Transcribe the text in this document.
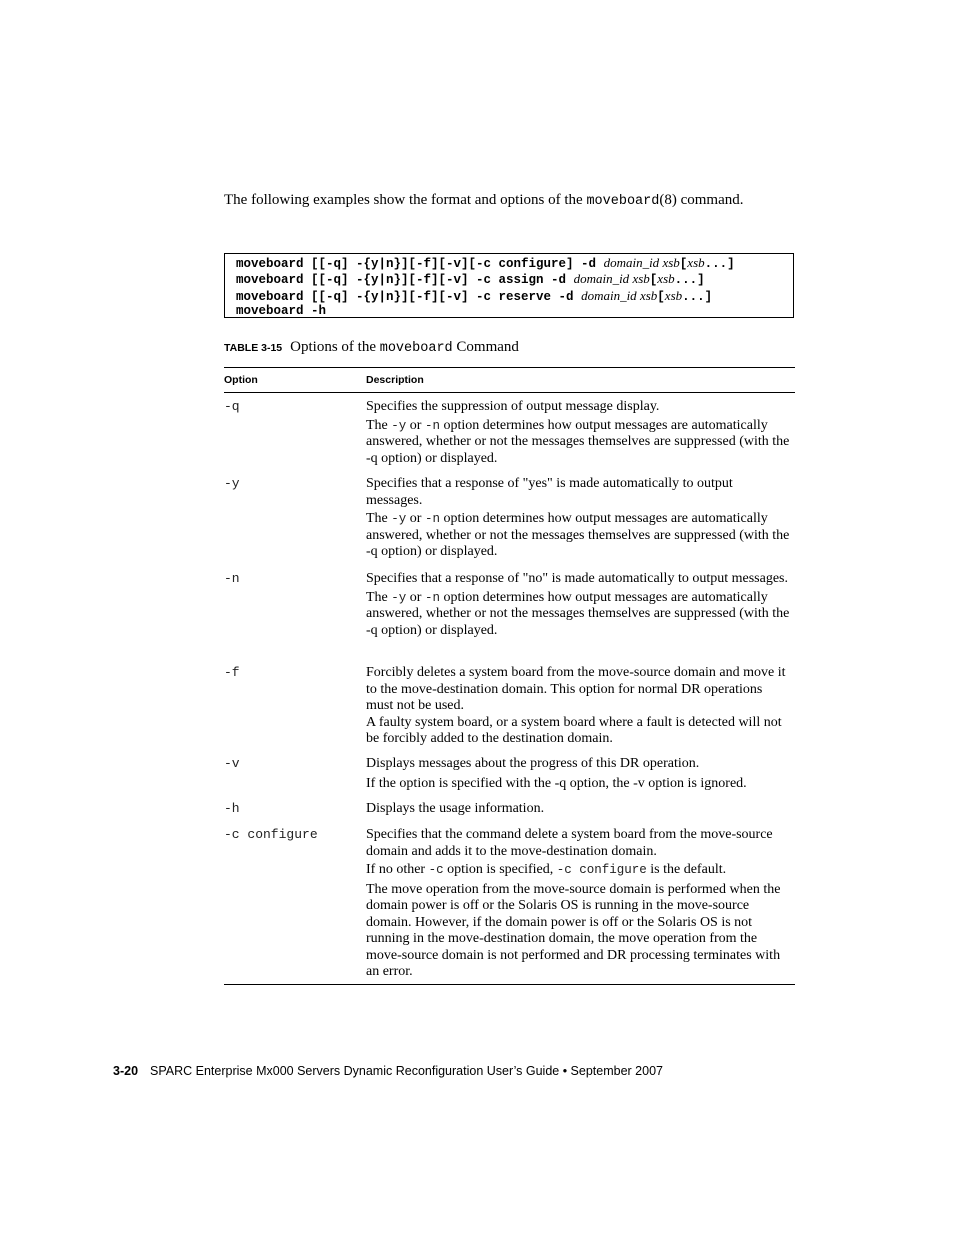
The following examples show the format and options of the moveboard(8) command.
moveboard [[-q] -{y|n}][-f][-v][-c configure] -d domain_id xsb[xsb...]
moveboard [[-q] -{y|n}][-f][-v] -c assign -d domain_id xsb[xsb...]
moveboard [[-q] -{y|n}][-f][-v] -c reserve -d domain_id xsb[xsb...]
moveboard -h
TABLE 3-15 Options of the moveboard Command
Option	Description
-q	Specifies the suppression of output message display.
The -y or -n option determines how output messages are automatically answered, whether or not the messages themselves are suppressed (with the -q option) or displayed.
-y	Specifies that a response of "yes" is made automatically to output messages.
The -y or -n option determines how output messages are automatically answered, whether or not the messages themselves are suppressed (with the -q option) or displayed.
-n	Specifies that a response of "no" is made automatically to output messages.
The -y or -n option determines how output messages are automatically answered, whether or not the messages themselves are suppressed (with the -q option) or displayed.
-f	Forcibly deletes a system board from the move-source domain and move it to the move-destination domain. This option for normal DR operations must not be used.
A faulty system board, or a system board where a fault is detected will not be forcibly added to the destination domain.
-v	Displays messages about the progress of this DR operation.
If the option is specified with the -q option, the -v option is ignored.
-h	Displays the usage information.
-c configure	Specifies that the command delete a system board from the move-source domain and adds it to the move-destination domain.
If no other -c option is specified, -c configure is the default.
The move operation from the move-source domain is performed when the domain power is off or the Solaris OS is running in the move-source domain. However, if the domain power is off or the Solaris OS is not running in the move-destination domain, the move operation from the move-source domain is not performed and DR processing terminates with an error.
3-20 SPARC Enterprise Mx000 Servers Dynamic Reconfiguration User’s Guide • September 2007
